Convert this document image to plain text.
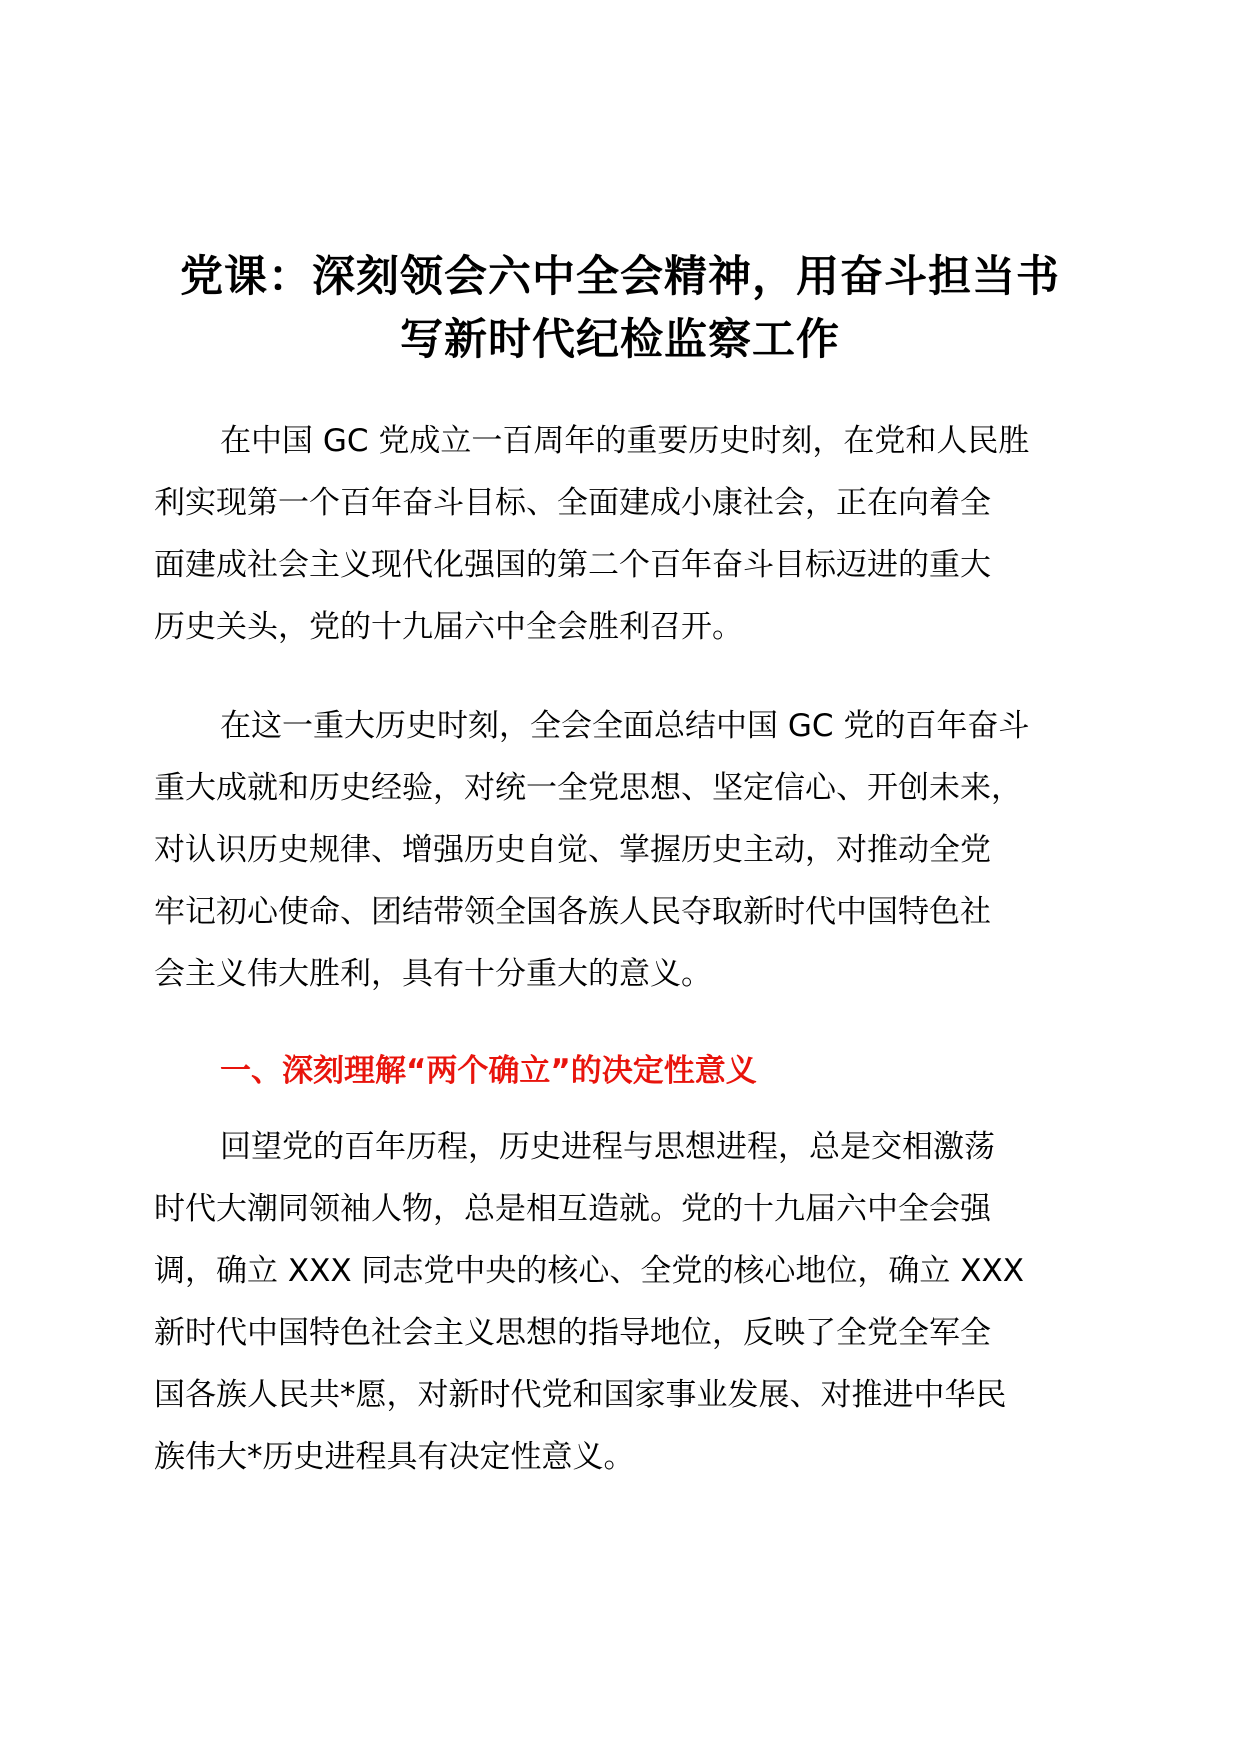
党课：深刻领会六中全会精神，用奋斗担当书
写新时代纪检监察工作
在中国 GC 党成立一百周年的重要历史时刻，在党和人民胜
利实现第一个百年奋斗目标、全面建成小康社会，正在向着全
面建成社会主义现代化强国的第二个百年奋斗目标迈进的重大
历史关头，党的十九届六中全会胜利召开。
在这一重大历史时刻，全会全面总结中国 GC 党的百年奋斗
重大成就和历史经验，对统一全党思想、坚定信心、开创未来，
对认识历史规律、增强历史自觉、掌握历史主动，对推动全党
牢记初心使命、团结带领全国各族人民夺取新时代中国特色社
会主义伟大胜利，具有十分重大的意义。
一、深刻理解“两个确立”的决定性意义
回望党的百年历程，历史进程与思想进程，总是交相激荡
时代大潮同领袖人物，总是相互造就。党的十九届六中全会强
调，确立 XXX 同志党中央的核心、全党的核心地位，确立 XXX
新时代中国特色社会主义思想的指导地位，反映了全党全军全
国各族人民共*愿，对新时代党和国家事业发展、对推进中华民
族伟大*历史进程具有决定性意义。
